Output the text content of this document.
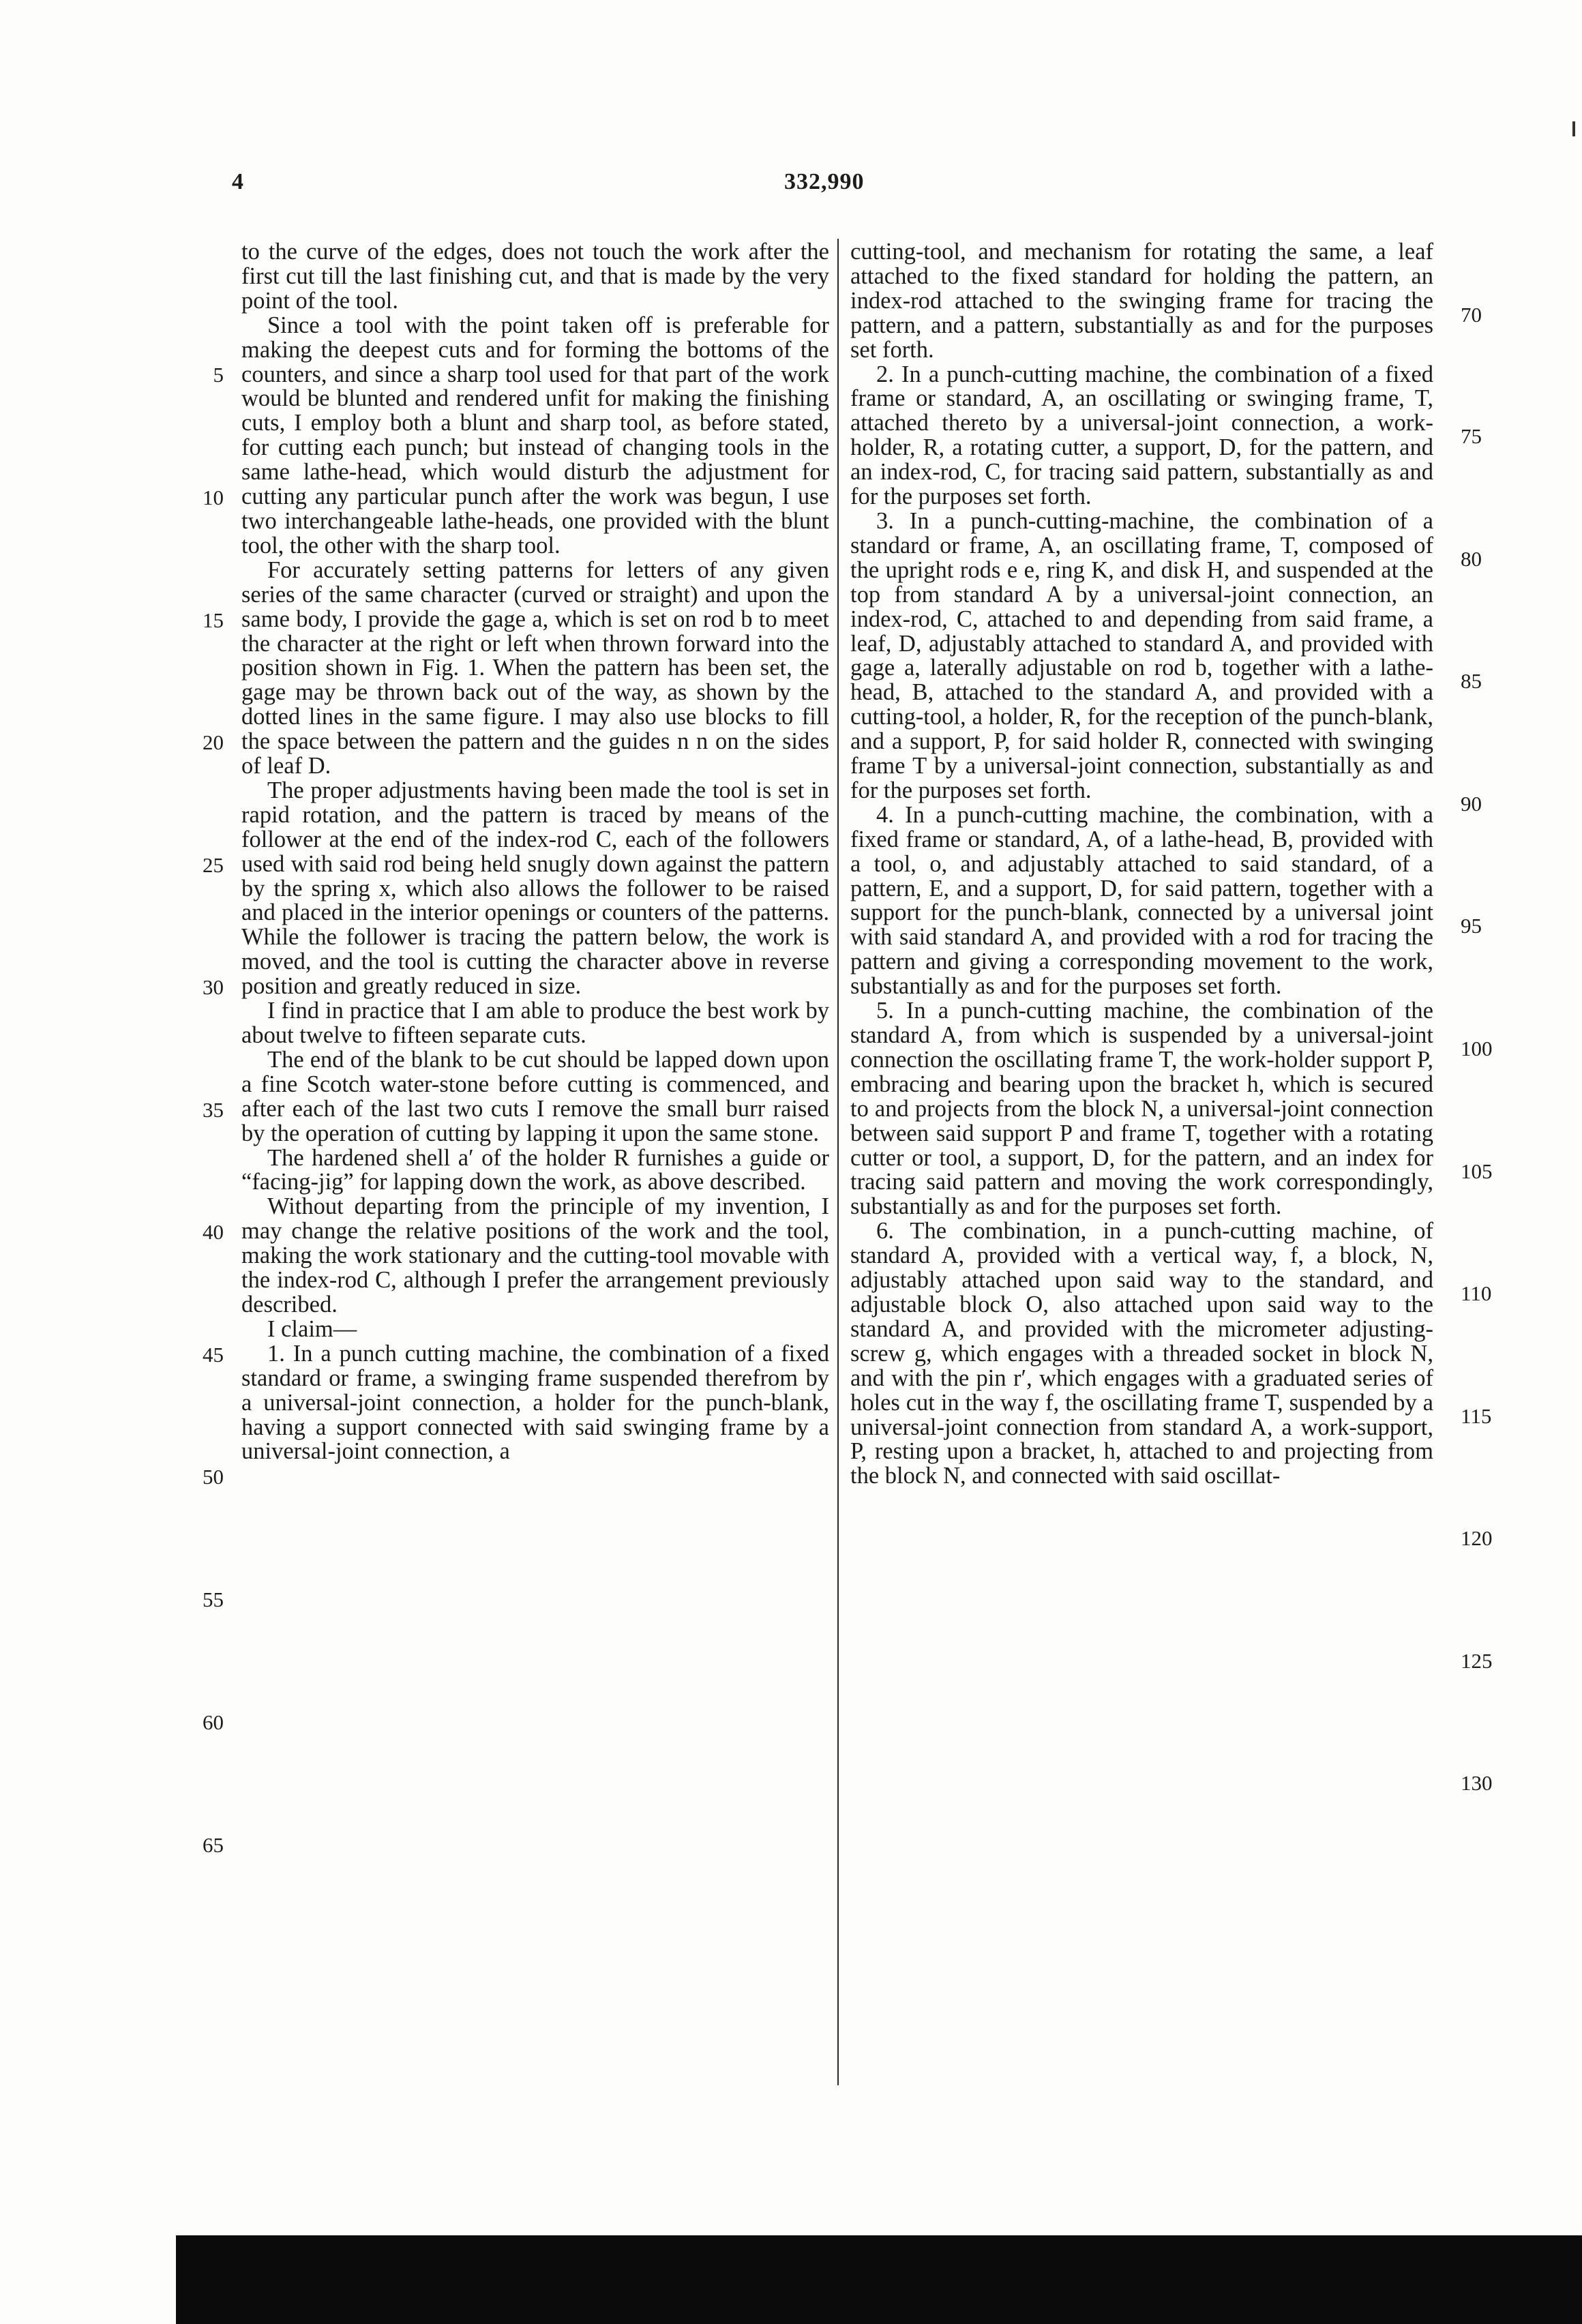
4	332,990

to the curve of the edges, does not touch the work after the first cut till the last finishing cut, and that is made by the very point of the tool.

Since a tool with the point taken off is preferable for making the deepest cuts and for forming the bottoms of the counters, and since a sharp tool used for that part of the work would be blunted and rendered unfit for making the finishing cuts, I employ both a blunt and sharp tool, as before stated, for cutting each punch; but instead of changing tools in the same lathe-head, which would disturb the adjustment for cutting any particular punch after the work was begun, I use two interchangeable lathe-heads, one provided with the blunt tool, the other with the sharp tool.

For accurately setting patterns for letters of any given series of the same character (curved or straight) and upon the same body, I provide the gage a, which is set on rod b to meet the character at the right or left when thrown forward into the position shown in Fig. 1. When the pattern has been set, the gage may be thrown back out of the way, as shown by the dotted lines in the same figure. I may also use blocks to fill the space between the pattern and the guides n n on the sides of leaf D.

The proper adjustments having been made the tool is set in rapid rotation, and the pattern is traced by means of the follower at the end of the index-rod C, each of the followers used with said rod being held snugly down against the pattern by the spring x, which also allows the follower to be raised and placed in the interior openings or counters of the patterns. While the follower is tracing the pattern below, the work is moved, and the tool is cutting the character above in reverse position and greatly reduced in size.

I find in practice that I am able to produce the best work by about twelve to fifteen separate cuts.

The end of the blank to be cut should be lapped down upon a fine Scotch water-stone before cutting is commenced, and after each of the last two cuts I remove the small burr raised by the operation of cutting by lapping it upon the same stone.

The hardened shell a′ of the holder R furnishes a guide or “facing-jig” for lapping down the work, as above described.

Without departing from the principle of my invention, I may change the relative positions of the work and the tool, making the work stationary and the cutting-tool movable with the index-rod C, although I prefer the arrangement previously described.

I claim—

1. In a punch cutting machine, the combination of a fixed standard or frame, a swinging frame suspended therefrom by a universal-joint connection, a holder for the punch-blank, having a support connected with said swinging frame by a universal-joint connection, a

cutting-tool, and mechanism for rotating the same, a leaf attached to the fixed standard for holding the pattern, an index-rod attached to the swinging frame for tracing the pattern, and a pattern, substantially as and for the purposes set forth.

2. In a punch-cutting machine, the combination of a fixed frame or standard, A, an oscillating or swinging frame, T, attached thereto by a universal-joint connection, a work-holder, R, a rotating cutter, a support, D, for the pattern, and an index-rod, C, for tracing said pattern, substantially as and for the purposes set forth.

3. In a punch-cutting-machine, the combination of a standard or frame, A, an oscillating frame, T, composed of the upright rods e e, ring K, and disk H, and suspended at the top from standard A by a universal-joint connection, an index-rod, C, attached to and depending from said frame, a leaf, D, adjustably attached to standard A, and provided with gage a, laterally adjustable on rod b, together with a lathe-head, B, attached to the standard A, and provided with a cutting-tool, a holder, R, for the reception of the punch-blank, and a support, P, for said holder R, connected with swinging frame T by a universal-joint connection, substantially as and for the purposes set forth.

4. In a punch-cutting machine, the combination, with a fixed frame or standard, A, of a lathe-head, B, provided with a tool, o, and adjustably attached to said standard, of a pattern, E, and a support, D, for said pattern, together with a support for the punch-blank, connected by a universal joint with said standard A, and provided with a rod for tracing the pattern and giving a corresponding movement to the work, substantially as and for the purposes set forth.

5. In a punch-cutting machine, the combination of the standard A, from which is suspended by a universal-joint connection the oscillating frame T, the work-holder support P, embracing and bearing upon the bracket h, which is secured to and projects from the block N, a universal-joint connection between said support P and frame T, together with a rotating cutter or tool, a support, D, for the pattern, and an index for tracing said pattern and moving the work correspondingly, substantially as and for the purposes set forth.

6. The combination, in a punch-cutting machine, of standard A, provided with a vertical way, f, a block, N, adjustably attached upon said way to the standard, and adjustable block O, also attached upon said way to the standard A, and provided with the micrometer adjusting-screw g, which engages with a threaded socket in block N, and with the pin r′, which engages with a graduated series of holes cut in the way f, the oscillating frame T, suspended by a universal-joint connection from standard A, a work-support, P, resting upon a bracket, h, attached to and projecting from the block N, and connected with said oscillat-

5
10
15
20
25
30
35
40
45
50
55
60
65
70
75
80
85
90
95
100
105
110
115
120
125
130
